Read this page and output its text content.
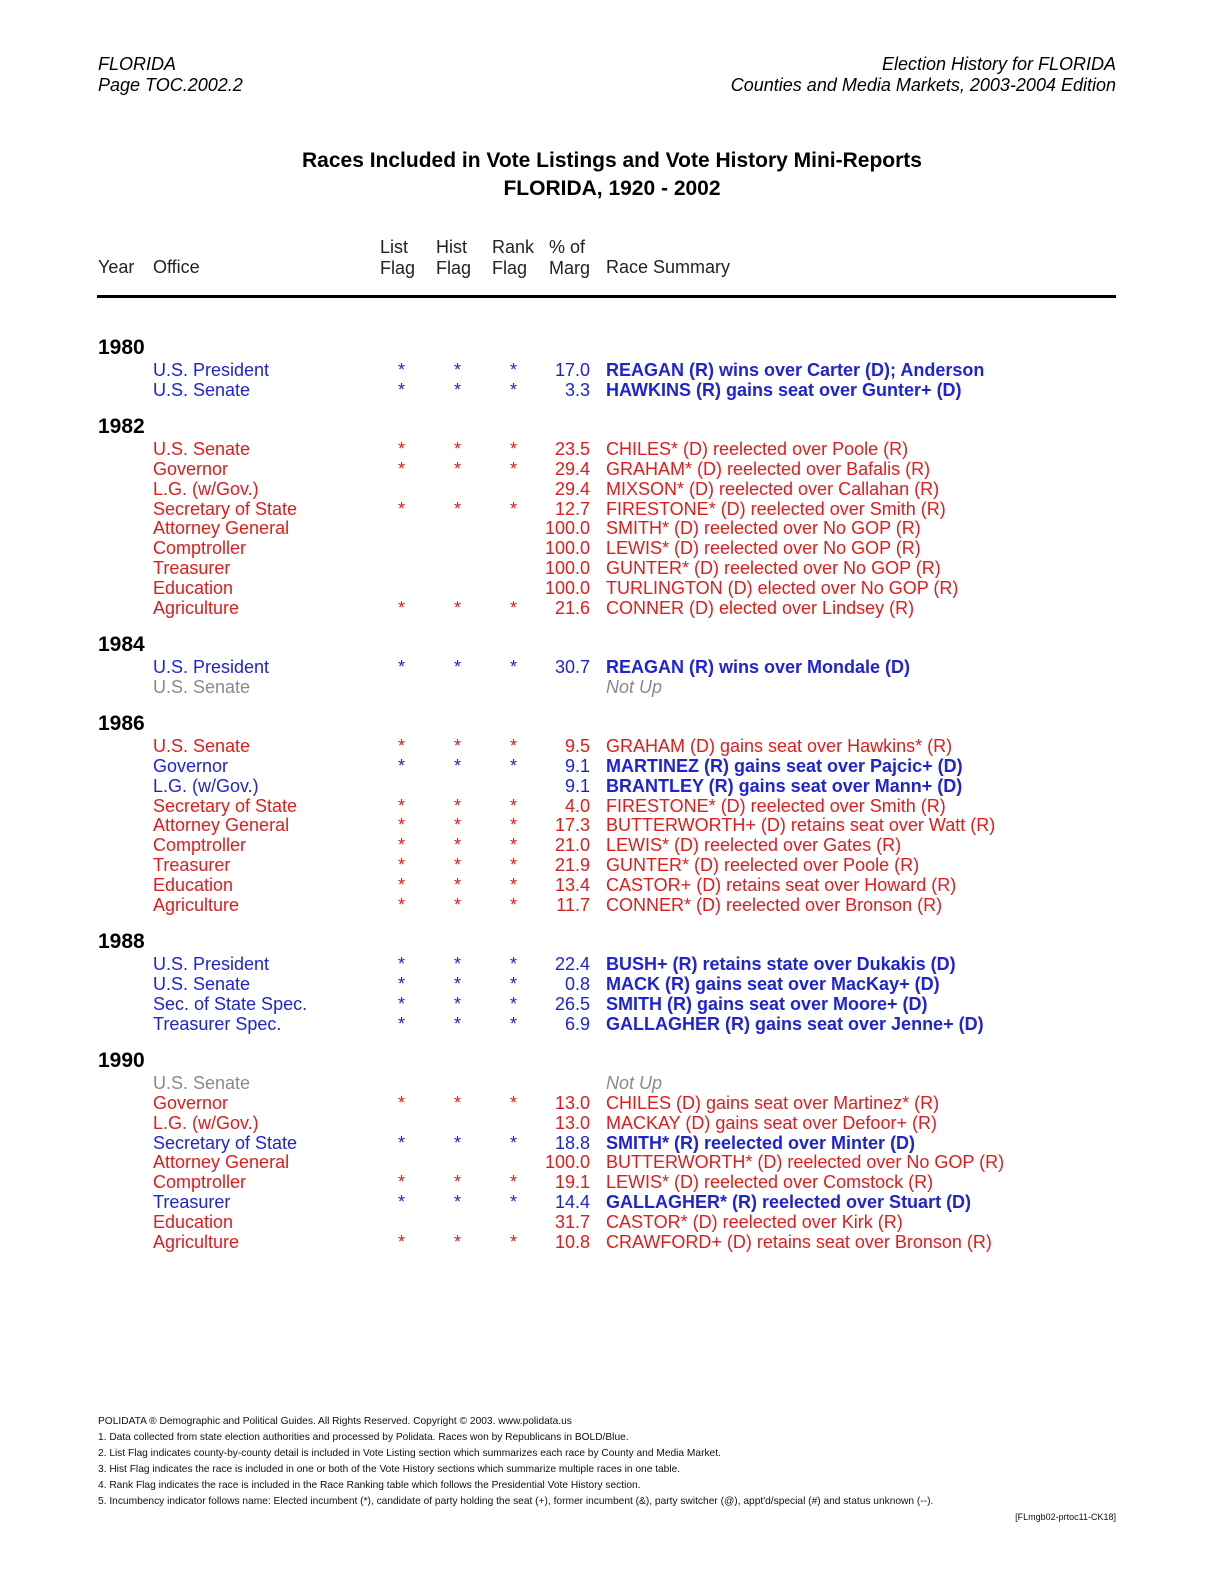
FLORIDA
Page TOC.2002.2
Election History for FLORIDA
Counties and Media Markets, 2003-2004 Edition
Races Included in Vote Listings and Vote History Mini-Reports
FLORIDA, 1920 - 2002
Year Office
List
Flag
Hist
Flag
Rank
Flag
% of
Marg Race Summary
1980
U.S. President	*	*	* 17.0 REAGAN (R) wins over Carter (D); Anderson
U.S. Senate	*	*	*	3.3 HAWKINS (R) gains seat over Gunter+ (D)
1982
U.S. Senate	*	*	* 23.5 CHILES* (D) reelected over Poole (R)
Governor	*	*	* 29.4 GRAHAM* (D) reelected over Bafalis (R)
L.G. (w/Gov.)	29.4 MIXSON* (D) reelected over Callahan (R)
Secretary of State	*	*	* 12.7 FIRESTONE* (D) reelected over Smith (R)
Attorney General	100.0 SMITH* (D) reelected over No GOP (R)
Comptroller	100.0 LEWIS* (D) reelected over No GOP (R)
Treasurer	100.0 GUNTER* (D) reelected over No GOP (R)
Education	100.0 TURLINGTON (D) elected over No GOP (R)
Agriculture	*	*	* 21.6 CONNER (D) elected over Lindsey (R)
1984
U.S. President	*	*	* 30.7 REAGAN (R) wins over Mondale (D)
U.S. Senate	Not Up
1986
U.S. Senate	*	*	*	9.5 GRAHAM (D) gains seat over Hawkins* (R)
Governor	*	*	*	9.1 MARTINEZ (R) gains seat over Pajcic+ (D)
L.G. (w/Gov.)	9.1 BRANTLEY (R) gains seat over Mann+ (D)
Secretary of State	*	*	*	4.0 FIRESTONE* (D) reelected over Smith (R)
Attorney General	*	*	* 17.3 BUTTERWORTH+ (D) retains seat over Watt (R)
Comptroller	*	*	* 21.0 LEWIS* (D) reelected over Gates (R)
Treasurer	*	*	* 21.9 GUNTER* (D) reelected over Poole (R)
Education	*	*	* 13.4 CASTOR+ (D) retains seat over Howard (R)
Agriculture	*	*	* 11.7 CONNER* (D) reelected over Bronson (R)
1988
U.S. President	*	*	* 22.4 BUSH+ (R) retains state over Dukakis (D)
U.S. Senate	*	*	*	0.8 MACK (R) gains seat over MacKay+ (D)
Sec. of State Spec.	*	*	* 26.5 SMITH (R) gains seat over Moore+ (D)
Treasurer Spec.	*	*	*	6.9 GALLAGHER (R) gains seat over Jenne+ (D)
1990
U.S. Senate	Not Up
Governor	*	*	* 13.0 CHILES (D) gains seat over Martinez* (R)
L.G. (w/Gov.)	13.0 MACKAY (D) gains seat over Defoor+ (R)
Secretary of State	*	*	* 18.8 SMITH* (R) reelected over Minter (D)
Attorney General	100.0 BUTTERWORTH* (D) reelected over No GOP (R)
Comptroller	*	*	* 19.1 LEWIS* (D) reelected over Comstock (R)
Treasurer	*	*	* 14.4 GALLAGHER* (R) reelected over Stuart (D)
Education	31.7 CASTOR* (D) reelected over Kirk (R)
Agriculture	*	*	* 10.8 CRAWFORD+ (D) retains seat over Bronson (R)
POLIDATA ® Demographic and Political Guides. All Rights Reserved. Copyright © 2003. www.polidata.us
1. Data collected from state election authorities and processed by Polidata. Races won by Republicans in BOLD/Blue.
2. List Flag indicates county-by-county detail is included in Vote Listing section which summarizes each race by County and Media Market.
3. Hist Flag indicates the race is included in one or both of the Vote History sections which summarize multiple races in one table.
4. Rank Flag indicates the race is included in the Race Ranking table which follows the Presidential Vote History section.
5. Incumbency indicator follows name: Elected incumbent (*), candidate of party holding the seat (+), former incumbent (&), party switcher (@), appt'd/special (#) and status unknown (--).
[FLmgb02-prtoc11-CK18]
